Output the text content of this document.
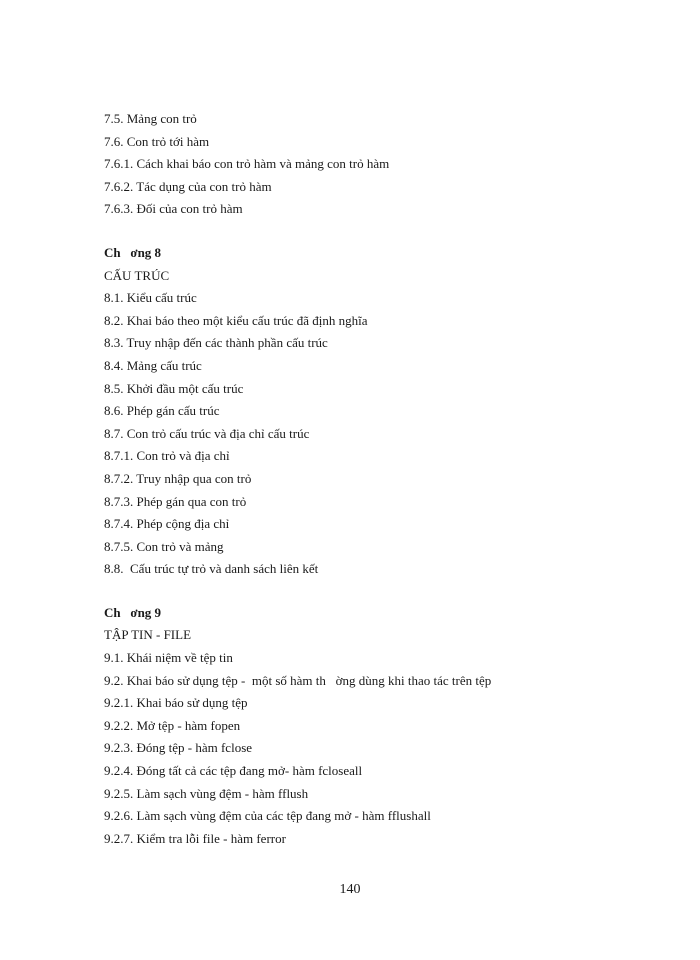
7.5. Mảng con trỏ
7.6. Con trỏ tới hàm
7.6.1. Cách khai báo con trỏ hàm và mảng con trỏ hàm
7.6.2. Tác dụng của con trỏ hàm
7.6.3. Đối của con trỏ hàm
Ch   ơng 8
CẤU TRÚC
8.1. Kiểu cấu trúc
8.2. Khai báo theo một kiểu cấu trúc đã định nghĩa
8.3. Truy nhập đến các thành phần cấu trúc
8.4. Mảng cấu trúc
8.5. Khởi đầu một cấu trúc
8.6. Phép gán cấu trúc
8.7. Con trỏ cấu trúc và địa chỉ cấu trúc
8.7.1. Con trỏ và địa chỉ
8.7.2. Truy nhập qua con trỏ
8.7.3. Phép gán qua con trỏ
8.7.4. Phép cộng địa chỉ
8.7.5. Con trỏ và mảng
8.8.  Cấu trúc tự trỏ và danh sách liên kết
Ch   ơng 9
TẬP TIN - FILE
9.1. Khái niệm về tệp tin
9.2. Khai báo sử dụng tệp -  một số hàm th   ờng dùng khi thao tác trên tệp
9.2.1. Khai báo sử dụng tệp
9.2.2. Mở tệp - hàm fopen
9.2.3. Đóng tệp - hàm fclose
9.2.4. Đóng tất cả các tệp đang mở- hàm fcloseall
9.2.5. Làm sạch vùng đệm - hàm fflush
9.2.6. Làm sạch vùng đệm của các tệp đang mở - hàm fflushall
9.2.7. Kiểm tra lỗi file - hàm ferror
140
